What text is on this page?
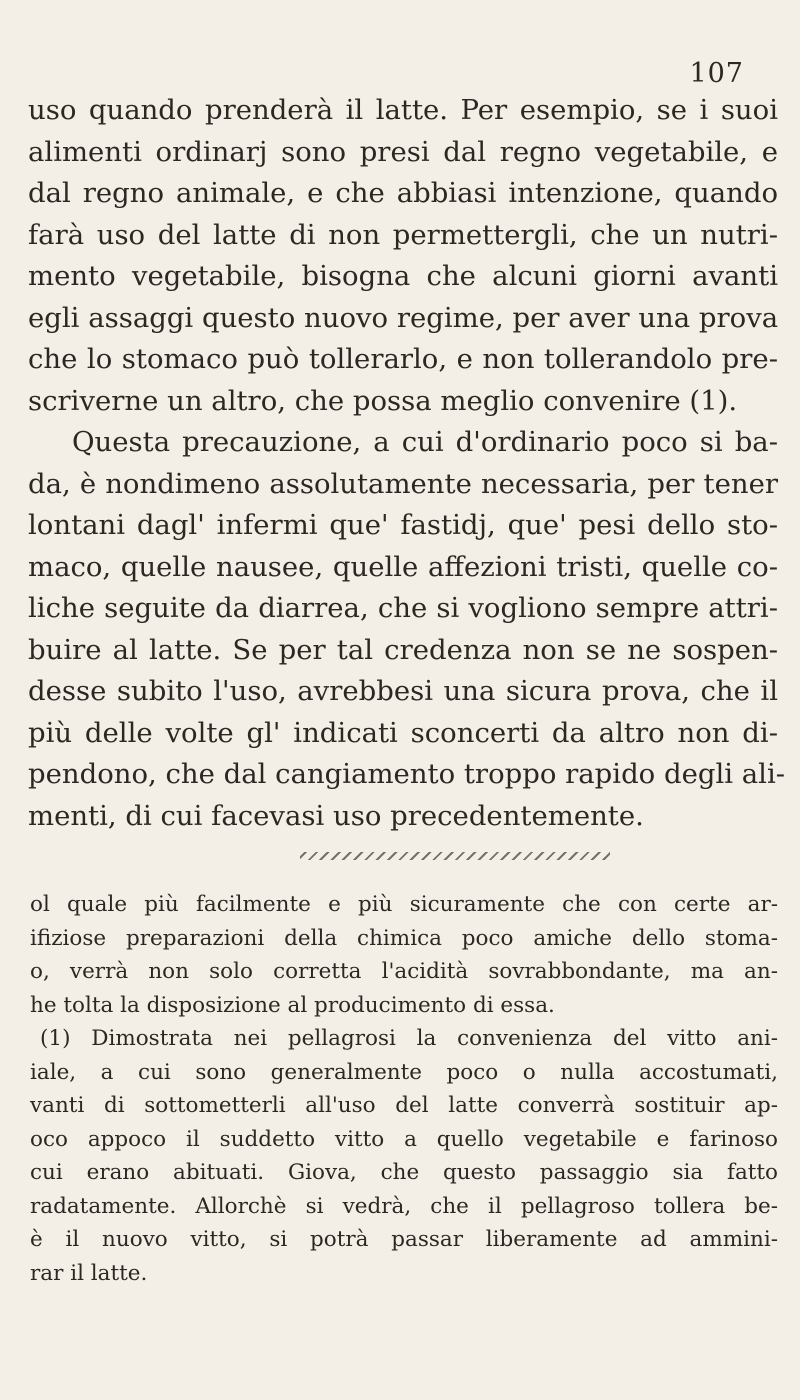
107
uso quando prenderà il latte. Per esempio, se i suoi
alimenti ordinarj sono presi dal regno vegetabile, e
dal regno animale, e che abbiasi intenzione, quando
farà uso del latte di non permettergli, che un nutri-
mento vegetabile, bisogna che alcuni giorni avanti
egli assaggi questo nuovo regime, per aver una prova
che lo stomaco può tollerarlo, e non tollerandolo pre-
scriverne un altro, che possa meglio convenire (1).
Questa precauzione, a cui d'ordinario poco si ba-
da, è nondimeno assolutamente necessaria, per tener
lontani dagl' infermi que' fastidj, que' pesi dello sto-
maco, quelle nausee, quelle affezioni tristi, quelle co-
liche seguite da diarrea, che si vogliono sempre attri-
buire al latte. Se per tal credenza non se ne sospen-
desse subito l'uso, avrebbesi una sicura prova, che il
più delle volte gl' indicati sconcerti da altro non di-
pendono, che dal cangiamento troppo rapido degli ali-
menti, di cui facevasi uso precedentemente.
ol quale più facilmente e più sicuramente che con certe ar-
ifiziose preparazioni della chimica poco amiche dello stoma-
o, verrà non solo corretta l'acidità sovrabbondante, ma an-
he tolta la disposizione al producimento di essa.
(1) Dimostrata nei pellagrosi la convenienza del vitto ani-
iale, a cui sono generalmente poco o nulla accostumati,
vanti di sottometterli all'uso del latte converrà sostituir ap-
oco appoco il suddetto vitto a quello vegetabile e farinoso
cui erano abituati. Giova, che questo passaggio sia fatto
radatamente. Allorchè si vedrà, che il pellagroso tollera be-
è il nuovo vitto, si potrà passar liberamente ad ammini-
rar il latte.
